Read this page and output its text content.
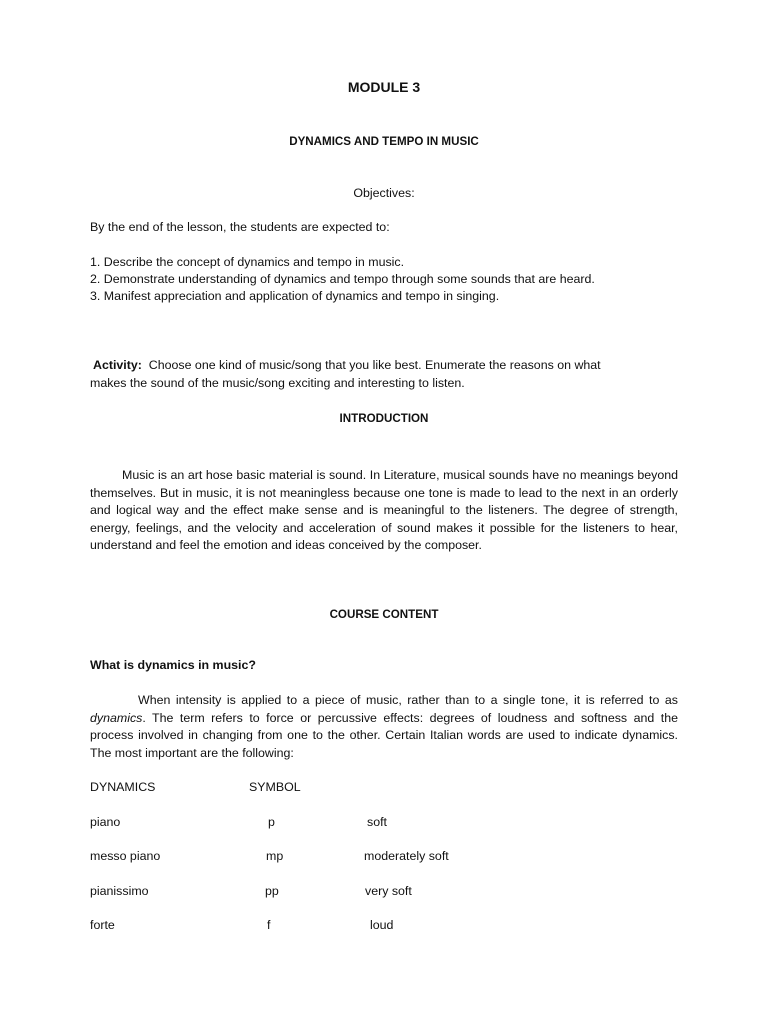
MODULE 3
DYNAMICS AND TEMPO IN MUSIC
Objectives:
By the end of the lesson, the students are expected to:
1. Describe the concept of dynamics and tempo in music.
2. Demonstrate understanding of dynamics and tempo through some sounds that are heard.
3. Manifest appreciation and application of dynamics and tempo in singing.
Activity: Choose one kind of music/song that you like best. Enumerate the reasons on what
makes the sound of the music/song exciting and interesting to listen.
INTRODUCTION
Music is an art hose basic material is sound. In Literature, musical sounds have no meanings beyond themselves. But in music, it is not meaningless because one tone is made to lead to the next in an orderly and logical way and the effect make sense and is meaningful to the listeners. The degree of strength, energy, feelings, and the velocity and acceleration of sound makes it possible for the listeners to hear, understand and feel the emotion and ideas conceived by the composer.
COURSE CONTENT
What is dynamics in music?
When intensity is applied to a piece of music, rather than to a single tone, it is referred to as dynamics. The term refers to force or percussive effects: degrees of loudness and softness and the process involved in changing from one to the other. Certain Italian words are used to indicate dynamics. The most important are the following:
DYNAMICS	SYMBOL
piano	p	soft
messo piano	mp	moderately soft
pianissimo	pp	very soft
forte	f	loud
